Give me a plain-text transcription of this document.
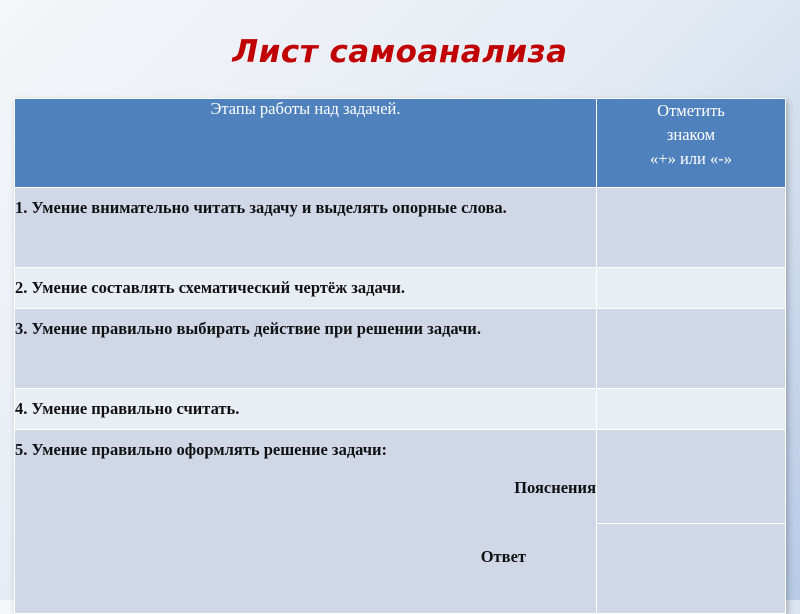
Лист самоанализа
Этапы работы над задачей.	Отметить
знаком
«+» или «-»
1. Умение внимательно читать задачу и выделять опорные слова.	
2. Умение составлять схематический чертёж задачи.	
3. Умение правильно выбирать действие при решении задачи.	
4. Умение правильно считать.	
5. Умение правильно оформлять решение задачи:
Пояснения
Ответ	
